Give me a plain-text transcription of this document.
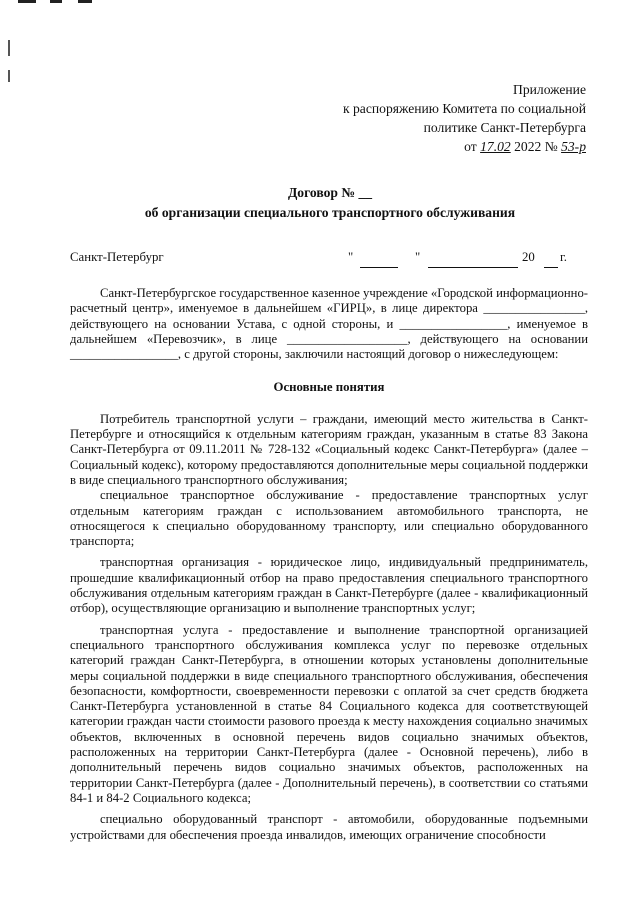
Приложение
к распоряжению Комитета по социальной
политике Санкт-Петербурга
от 17.02 2022 № 53-р
Договор № __
об организации специального транспортного обслуживания
Санкт-Петербург	"	"	20 г.

Санкт-Петербургское государственное казенное учреждение «Городской информационно-расчетный центр», именуемое в дальнейшем «ГИРЦ», в лице директора ________________, действующего на основании Устава, с одной стороны, и _________________, именуемое в дальнейшем «Перевозчик», в лице ___________________, действующего на основании _________________, с другой стороны, заключили настоящий договор о нижеследующем:

Основные понятия

Потребитель транспортной услуги – граждани, имеющий место жительства в Санкт-Петербурге и относящийся к отдельным категориям граждан, указанным в статье 83 Закона Санкт-Петербурга от 09.11.2011 № 728-132 «Социальный кодекс Санкт-Петербурга» (далее – Социальный кодекс), которому предоставляются дополнительные меры социальной поддержки в виде специального транспортного обслуживания;

специальное транспортное обслуживание - предоставление транспортных услуг отдельным категориям граждан с использованием автомобильного транспорта, не относящегося к специально оборудованному транспорту, или специально оборудованного транспорта;

транспортная организация - юридическое лицо, индивидуальный предприниматель, прошедшие квалификационный отбор на право предоставления специального транспортного обслуживания отдельным категориям граждан в Санкт-Петербурге (далее - квалификационный отбор), осуществляющие организацию и выполнение транспортных услуг;

транспортная услуга - предоставление и выполнение транспортной организацией специального транспортного обслуживания комплекса услуг по перевозке отдельных категорий граждан Санкт-Петербурга, в отношении которых установлены дополнительные меры социальной поддержки в виде специального транспортного обслуживания, обеспечения безопасности, комфортности, своевременности перевозки с оплатой за счет средств бюджета Санкт-Петербурга установленной в статье 84 Социального кодекса для соответствующей категории граждан части стоимости разового проезда к месту нахождения социально значимых объектов, включенных в основной перечень видов социально значимых объектов, расположенных на территории Санкт-Петербурга (далее - Основной перечень), либо в дополнительный перечень видов социально значимых объектов, расположенных на территории Санкт-Петербурга (далее - Дополнительный перечень), в соответствии со статьями 84-1 и 84-2 Социального кодекса;

специально оборудованный транспорт - автомобили, оборудованные подъемными устройствами для обеспечения проезда инвалидов, имеющих ограничение способности
